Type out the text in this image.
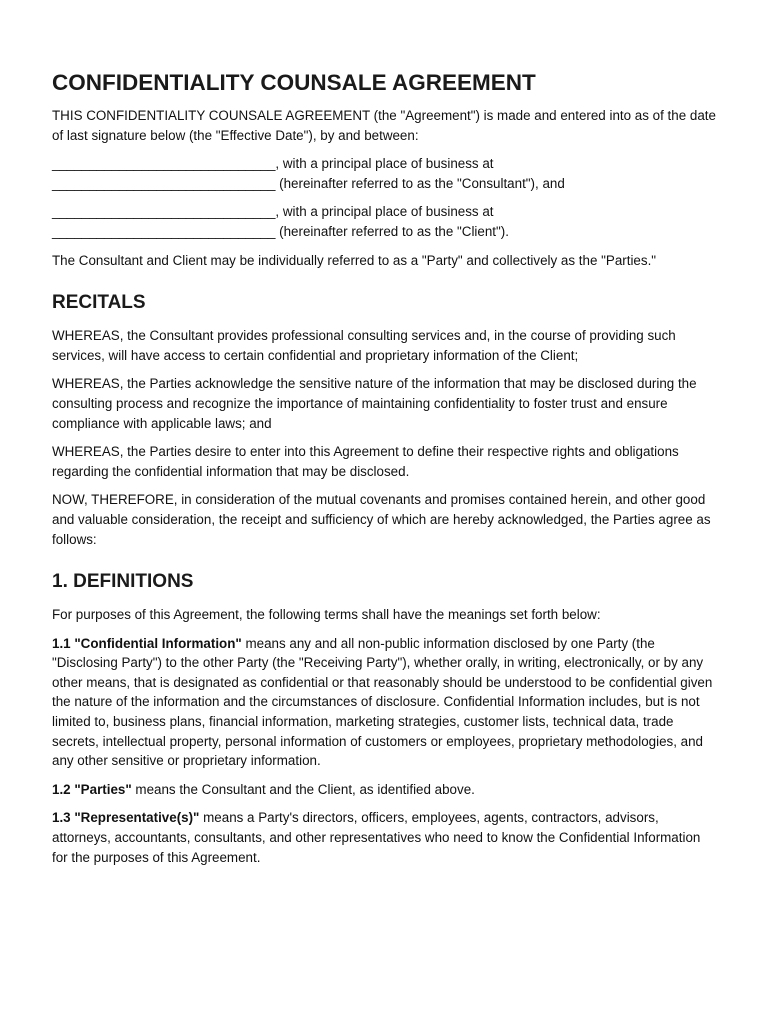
CONFIDENTIALITY COUNSALE AGREEMENT

THIS CONFIDENTIALITY COUNSALE AGREEMENT (the "Agreement") is made and entered into as of the date of last signature below (the "Effective Date"), by and between:

______________________________, with a principal place of business at

______________________________ (hereinafter referred to as the "Consultant"), and

______________________________, with a principal place of business at

______________________________ (hereinafter referred to as the "Client").

The Consultant and Client may be individually referred to as a "Party" and collectively as the "Parties."

RECITALS

WHEREAS, the Consultant provides professional consulting services and, in the course of providing such services, will have access to certain confidential and proprietary information of the Client;

WHEREAS, the Parties acknowledge the sensitive nature of the information that may be disclosed during the consulting process and recognize the importance of maintaining confidentiality to foster trust and ensure compliance with applicable laws; and

WHEREAS, the Parties desire to enter into this Agreement to define their respective rights and obligations regarding the confidential information that may be disclosed.

NOW, THEREFORE, in consideration of the mutual covenants and promises contained herein, and other good and valuable consideration, the receipt and sufficiency of which are hereby acknowledged, the Parties agree as follows:

1. DEFINITIONS

For purposes of this Agreement, the following terms shall have the meanings set forth below:

1.1 "Confidential Information" means any and all non-public information disclosed by one Party (the "Disclosing Party") to the other Party (the "Receiving Party"), whether orally, in writing, electronically, or by any other means, that is designated as confidential or that reasonably should be understood to be confidential given the nature of the information and the circumstances of disclosure. Confidential Information includes, but is not limited to, business plans, financial information, marketing strategies, customer lists, technical data, trade secrets, intellectual property, personal information of customers or employees, proprietary methodologies, and any other sensitive or proprietary information.

1.2 "Parties" means the Consultant and the Client, as identified above.

1.3 "Representative(s)" means a Party's directors, officers, employees, agents, contractors, advisors, attorneys, accountants, consultants, and other representatives who need to know the Confidential Information for the purposes of this Agreement.
